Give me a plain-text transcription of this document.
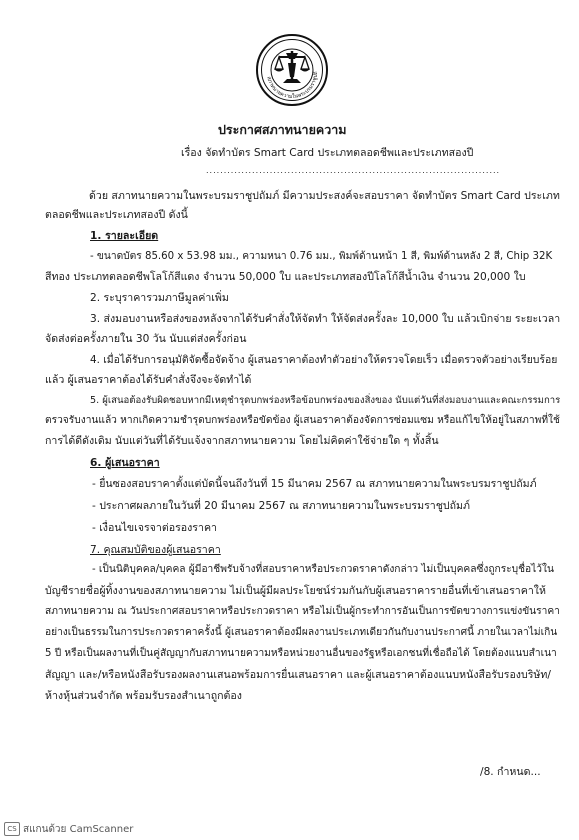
สภาทนายความในพระบรมราชูปถั
ประกาศสภาทนายความ
เรื่อง จัดทำบัตร Smart Card ประเภทตลอดชีพและประเภทสองปี
...................................................................................
ด้วย สภาทนายความในพระบรมราชูปถัมภ์ มีความประสงค์จะสอบราคา จัดทำบัตร Smart Card ประเภท
ตลอดชีพและประเภทสองปี ดังนี้
1. รายละเอียด
- ขนาดบัตร 85.60 x 53.98 มม., ความหนา 0.76 มม., พิมพ์ด้านหน้า 1 สี, พิมพ์ด้านหลัง 2 สี, Chip 32K
สีทอง ประเภทตลอดชีพโลโก้สีแดง จำนวน 50,000 ใบ และประเภทสองปีโลโก้สีน้ำเงิน จำนวน 20,000 ใบ
2. ระบุราคารวมภาษีมูลค่าเพิ่ม
3. ส่งมอบงานหรือส่งของหลังจากได้รับคำสั่งให้จัดทำ ให้จัดส่งครั้งละ 10,000 ใบ แล้วเบิกจ่าย ระยะเวลา
จัดส่งต่อครั้งภายใน 30 วัน นับแต่ส่งครั้งก่อน
4. เมื่อได้รับการอนุมัติจัดซื้อจัดจ้าง ผู้เสนอราคาต้องทำตัวอย่างให้ตรวจโดยเร็ว เมื่อตรวจตัวอย่างเรียบร้อย
แล้ว ผู้เสนอราคาต้องได้รับคำสั่งจึงจะจัดทำได้
5. ผู้เสนอต้องรับผิดชอบหากมีเหตุชำรุดบกพร่องหรือข้อบกพร่องของสิ่งของ นับแต่วันที่ส่งมอบงานและคณะกรรมการ
ตรวจรับงานแล้ว หากเกิดความชำรุดบกพร่องหรือขัดข้อง ผู้เสนอราคาต้องจัดการซ่อมแซม หรือแก้ไขให้อยู่ในสภาพที่ใช้
การได้ดีดังเดิม นับแต่วันที่ได้รับแจ้งจากสภาทนายความ โดยไม่คิดค่าใช้จ่ายใด ๆ ทั้งสิ้น
6. ผู้เสนอราคา
- ยื่นซองสอบราคาตั้งแต่บัดนี้จนถึงวันที่ 15 มีนาคม 2567 ณ สภาทนายความในพระบรมราชูปถัมภ์
- ประกาศผลภายในวันที่ 20 มีนาคม 2567 ณ สภาทนายความในพระบรมราชูปถัมภ์
- เงื่อนไขเจรจาต่อรองราคา
7. คุณสมบัติของผู้เสนอราคา
- เป็นนิติบุคคล/บุคคล ผู้มีอาชีพรับจ้างที่สอบราคาหรือประกวดราคาดังกล่าว ไม่เป็นบุคคลซึ่งถูกระบุชื่อไว้ใน
บัญชีรายชื่อผู้ทิ้งงานของสภาทนายความ ไม่เป็นผู้มีผลประโยชน์ร่วมกันกับผู้เสนอราคารายอื่นที่เข้าเสนอราคาให้
สภาทนายความ ณ วันประกาศสอบราคาหรือประกวดราคา หรือไม่เป็นผู้กระทำการอันเป็นการขัดขวางการแข่งขันราคา
อย่างเป็นธรรมในการประกวดราคาครั้งนี้ ผู้เสนอราคาต้องมีผลงานประเภทเดียวกันกับงานประกาศนี้ ภายในเวลาไม่เกิน
5 ปี หรือเป็นผลงานที่เป็นคู่สัญญากับสภาทนายความหรือหน่วยงานอื่นของรัฐหรือเอกชนที่เชื่อถือได้ โดยต้องแนบสำเนา
สัญญา และ/หรือหนังสือรับรองผลงานเสนอพร้อมการยื่นเสนอราคา และผู้เสนอราคาต้องแนบหนังสือรับรองบริษัท/
ห้างหุ้นส่วนจำกัด พร้อมรับรองสำเนาถูกต้อง
/8. กำหนด...
CS สแกนด้วย CamScanner
